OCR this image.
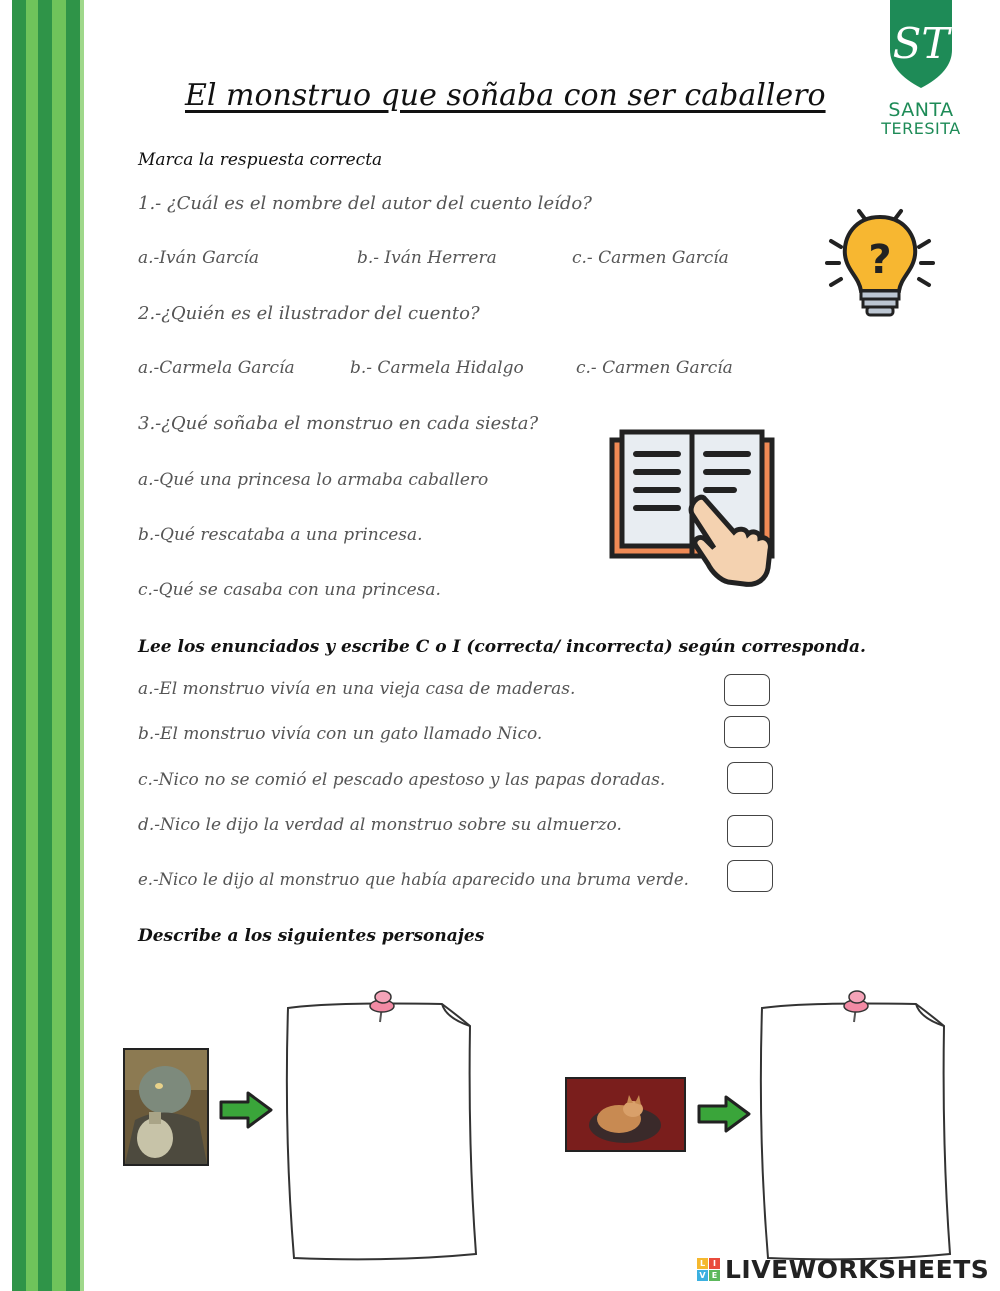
ST
SANTA
TERESITA
El monstruo que soñaba con ser caballero
Marca la respuesta correcta
1.- ¿Cuál es el nombre del autor del cuento leído?
a.-Iván García	b.- Iván Herrera	c.- Carmen García
2.-¿Quién es el ilustrador del cuento?
a.-Carmela García	b.- Carmela Hidalgo	c.- Carmen García
3.-¿Qué soñaba el monstruo en cada siesta?
a.-Qué una princesa lo armaba caballero
b.-Qué rescataba a una princesa.
c.-Qué se casaba con una princesa.
?
Lee los enunciados y escribe C o I (correcta/ incorrecta) según corresponda.
a.-El monstruo vivía en una vieja casa de maderas.
b.-El monstruo vivía con un gato llamado Nico.
c.-Nico no se comió el pescado apestoso y las papas doradas.
d.-Nico le dijo la verdad al monstruo sobre su almuerzo.
e.-Nico le dijo al monstruo que había aparecido una bruma verde.
Describe a los siguientes personajes
L I
V E LIVEWORKSHEETS
